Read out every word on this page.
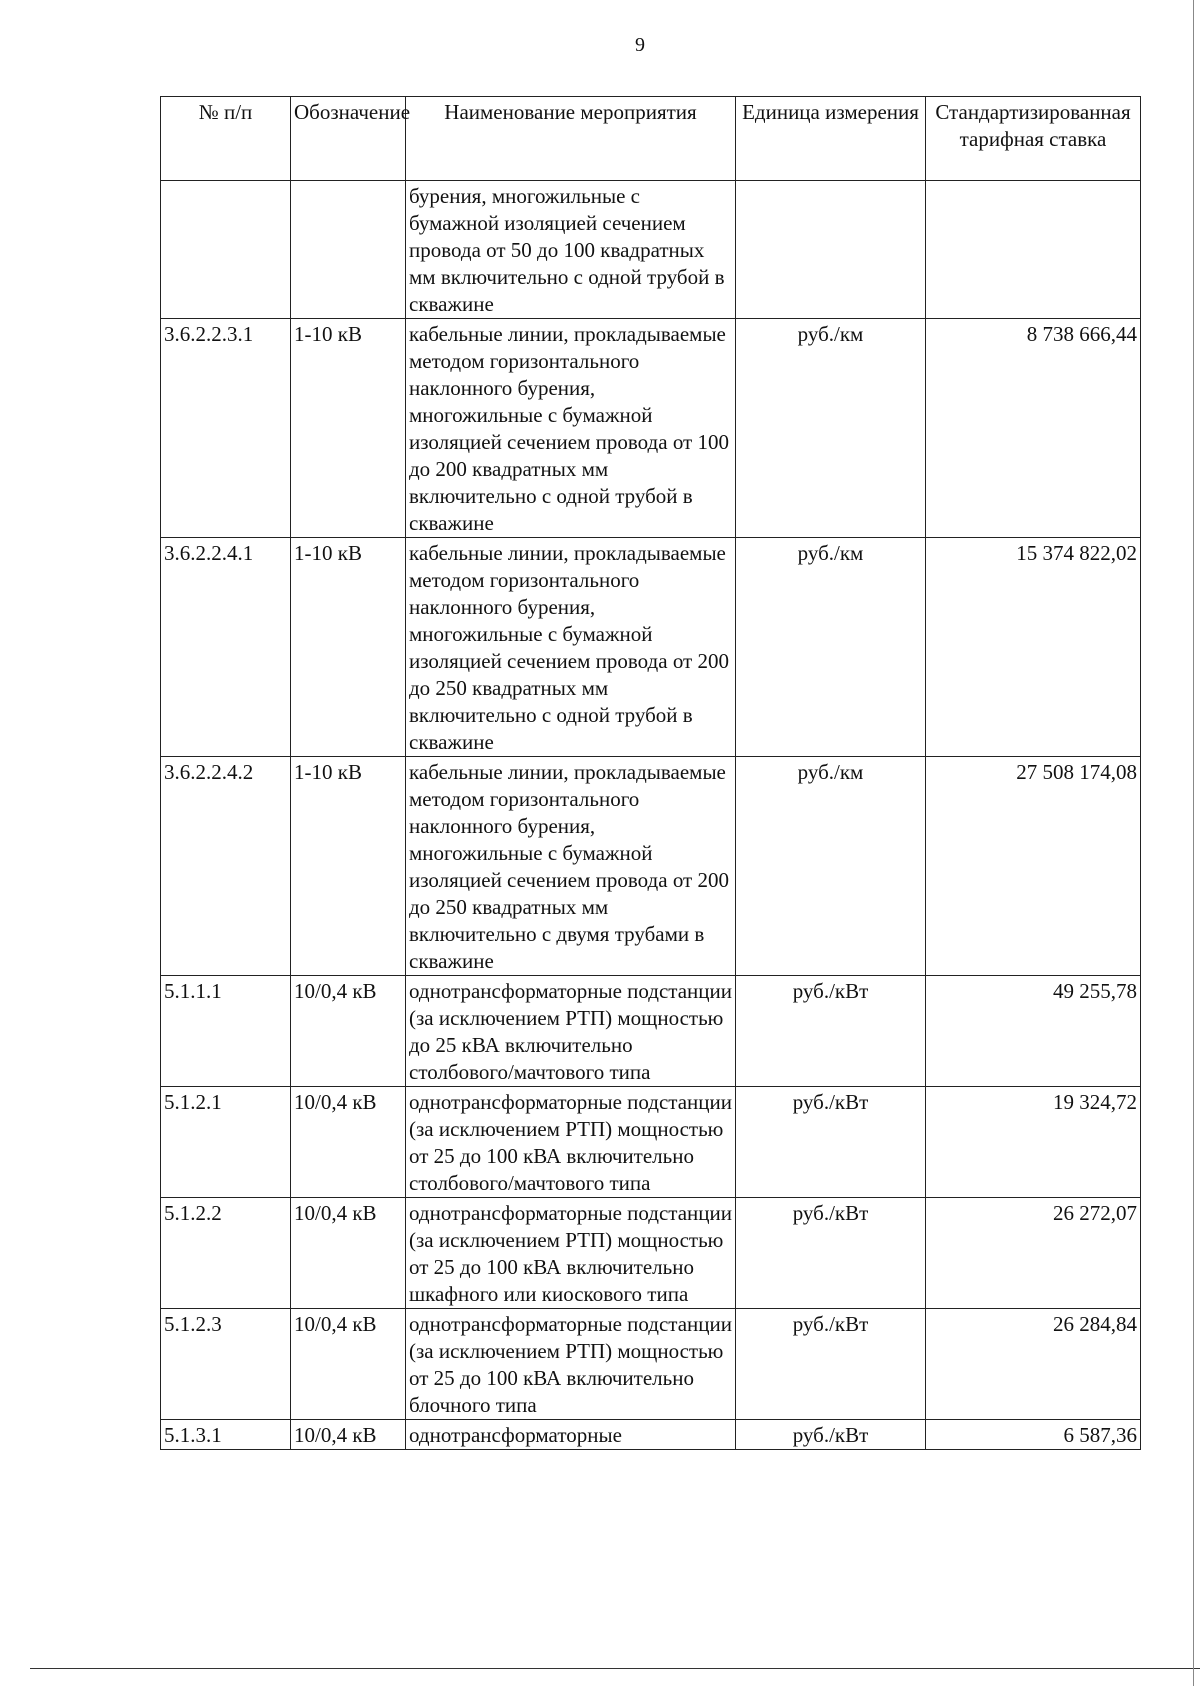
9
№ п/п	Обозначение	Наименование мероприятия	Единица измерения	Стандартизированная тарифная ставка
		бурения, многожильные с бумажной изоляцией сечением провода от 50 до 100 квадратных мм включительно с одной трубой в скважине		
3.6.2.2.3.1	1-10 кВ	кабельные линии, прокладываемые методом горизонтального наклонного бурения, многожильные с бумажной изоляцией сечением провода от 100 до 200 квадратных мм включительно с одной трубой в скважине	руб./км	8 738 666,44
3.6.2.2.4.1	1-10 кВ	кабельные линии, прокладываемые методом горизонтального наклонного бурения, многожильные с бумажной изоляцией сечением провода от 200 до 250 квадратных мм включительно с одной трубой в скважине	руб./км	15 374 822,02
3.6.2.2.4.2	1-10 кВ	кабельные линии, прокладываемые методом горизонтального наклонного бурения, многожильные с бумажной изоляцией сечением провода от 200 до 250 квадратных мм включительно с двумя трубами в скважине	руб./км	27 508 174,08
5.1.1.1	10/0,4 кВ	однотрансформаторные подстанции (за исключением РТП) мощностью до 25 кВА включительно столбового/мачтового типа	руб./кВт	49 255,78
5.1.2.1	10/0,4 кВ	однотрансформаторные подстанции (за исключением РТП) мощностью от 25 до 100 кВА включительно столбового/мачтового типа	руб./кВт	19 324,72
5.1.2.2	10/0,4 кВ	однотрансформаторные подстанции (за исключением РТП) мощностью от 25 до 100 кВА включительно шкафного или киоскового типа	руб./кВт	26 272,07
5.1.2.3	10/0,4 кВ	однотрансформаторные подстанции (за исключением РТП) мощностью от 25 до 100 кВА включительно блочного типа	руб./кВт	26 284,84
5.1.3.1	10/0,4 кВ	однотрансформаторные	руб./кВт	6 587,36
